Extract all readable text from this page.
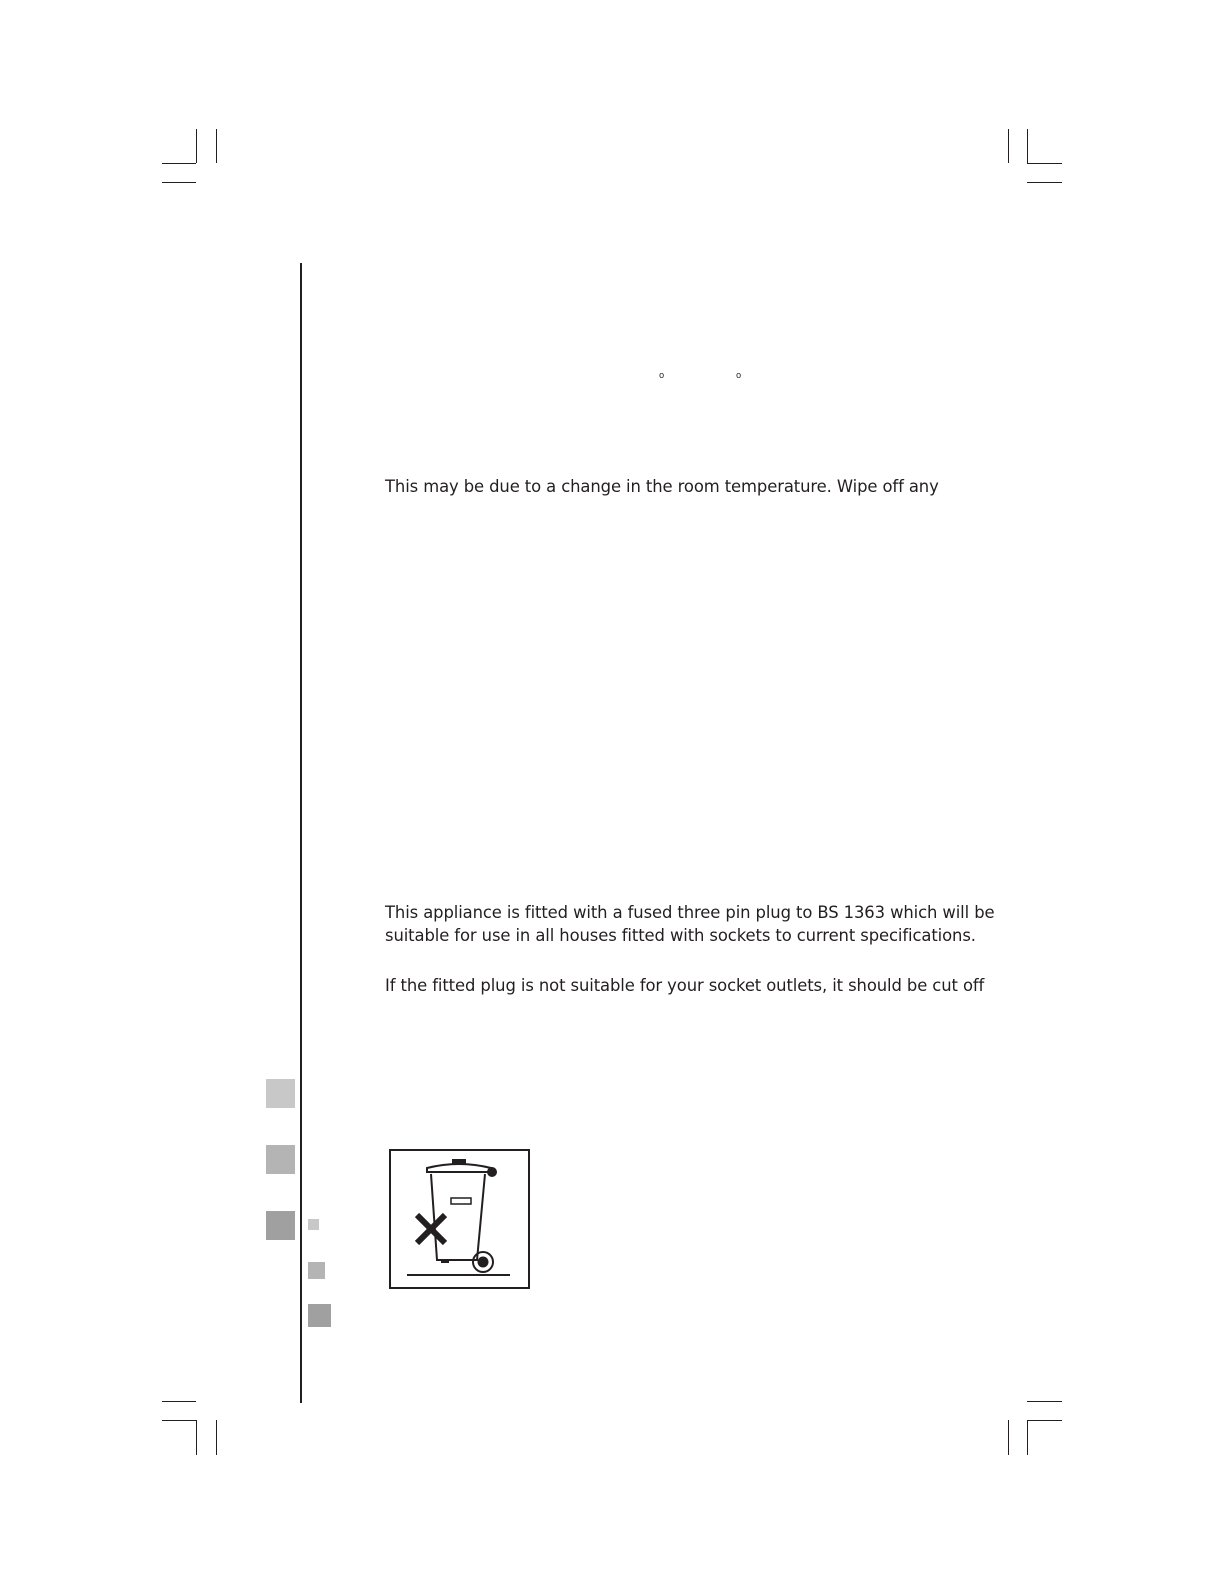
o	o
This may be due to a change in the room temperature. Wipe off any
This appliance is fitted with a fused three pin plug to BS 1363 which will be
suitable for use in all houses fitted with sockets to current specifications.
If the fitted plug is not suitable for your socket outlets, it should be cut off
